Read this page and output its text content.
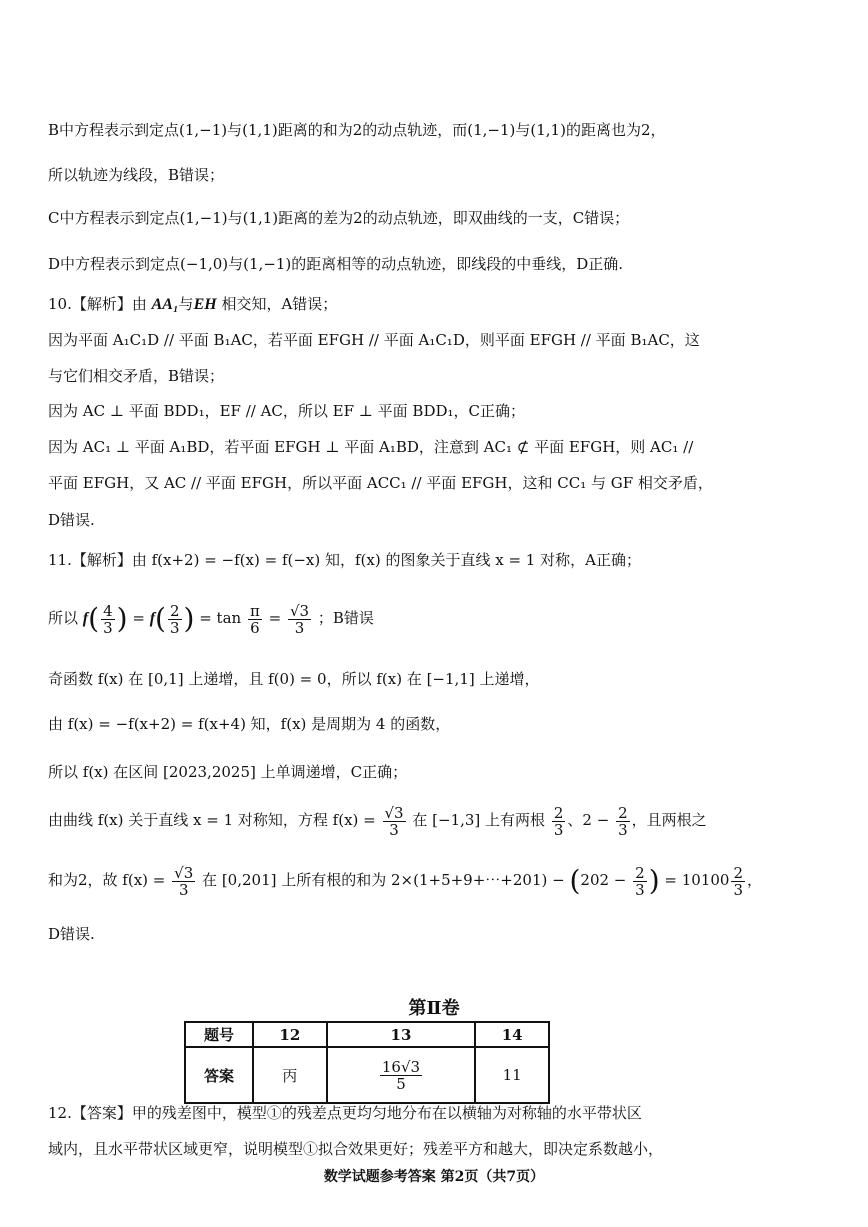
B中方程表示到定点(1,−1)与(1,1)距离的和为2的动点轨迹，而(1,−1)与(1,1)的距离也为2，
所以轨迹为线段，B错误；
C中方程表示到定点(1,−1)与(1,1)距离的差为2的动点轨迹，即双曲线的一支，C错误；
D中方程表示到定点(−1,0)与(1,−1)的距离相等的动点轨迹，即线段的中垂线，D正确.
10.【解析】由 AA₁与EH 相交知，A错误；
因为平面 A₁C₁D // 平面 B₁AC，若平面 EFGH // 平面 A₁C₁D，则平面 EFGH // 平面 B₁AC，这
与它们相交矛盾，B错误；
因为 AC ⊥ 平面 BDD₁，EF // AC，所以 EF ⊥ 平面 BDD₁，C正确；
因为 AC₁ ⊥ 平面 A₁BD，若平面 EFGH ⊥ 平面 A₁BD，注意到 AC₁ ⊄ 平面 EFGH，则 AC₁ //
平面 EFGH，又 AC // 平面 EFGH，所以平面 ACC₁ // 平面 EFGH，这和 CC₁ 与 GF 相交矛盾，
D错误.
11.【解析】由 f(x+2) = −f(x) = f(−x) 知，f(x) 的图象关于直线 x = 1 对称，A正确；
所以 $f( \frac{4}{3}$ ) = $f( \frac{2}{3}$ ) = $\tan \frac{\pi}{6} = \frac{√3}{3}$ ；B错误
奇函数 f(x) 在 [0,1] 上递增，且 f(0) = 0，所以 f(x) 在 [−1,1] 上递增，
由 f(x) = −f(x+2) = f(x+4) 知，f(x) 是周期为 4 的函数，
所以 f(x) 在区间 [2023,2025] 上单调递增，C正确；
由曲线 f(x) 关于直线 x = 1 对称知，方程 $f(x) = \frac{√3}{3}$ 在 [−1,3] 上有两根 $\frac{2}{3}$ 、$2 - \frac{2}{3}$ ，且两根之
和为2，故 $f(x) = \frac{√3}{3}$ 在 [0,201] 上所有根的和为 2×(1+5+9+⋯+201) − ($202 - \frac{2}{3}$ ) = $10100 \frac{2}{3}$ ，
D错误.
第Ⅱ卷
题号	12	13	14
答案	丙	$\frac{16√3}{5}$	11
12.【答案】甲的残差图中，模型①的残差点更均匀地分布在以横轴为对称轴的水平带状区
域内，且水平带状区域更窄，说明模型①拟合效果更好；残差平方和越大，即决定系数越小，
数学试题参考答案 第2页（共7页）
